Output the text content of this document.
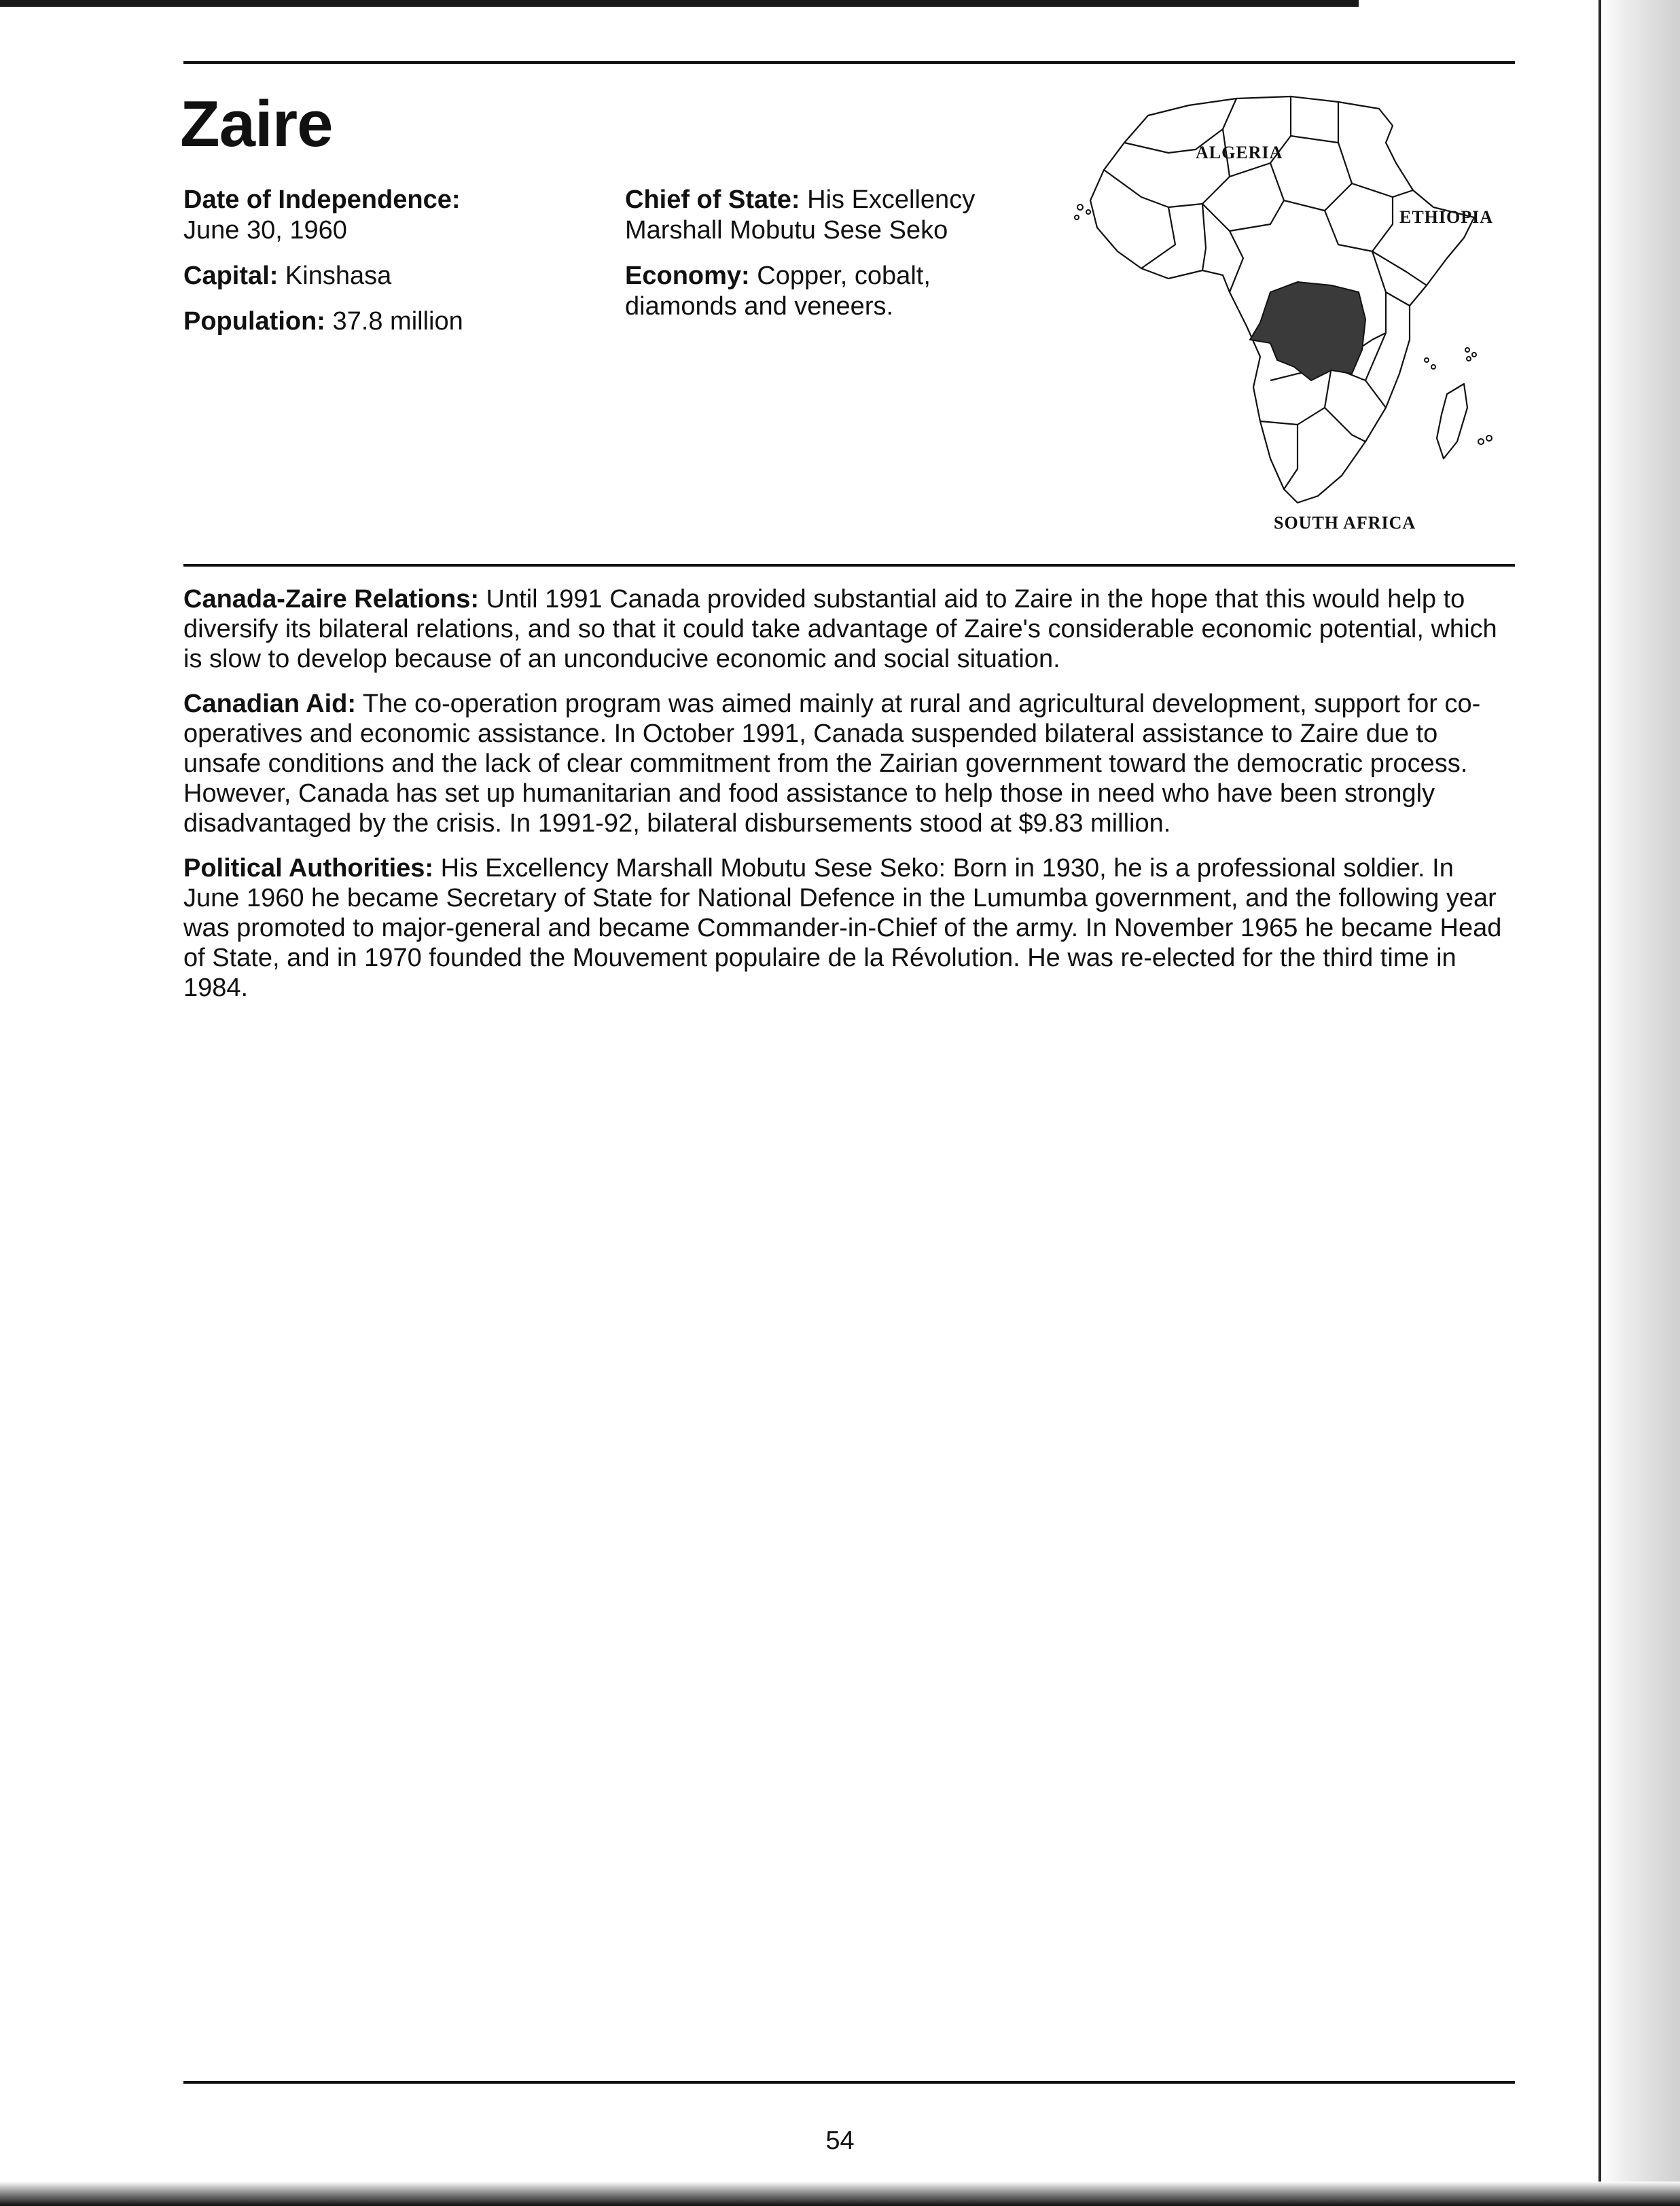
Zaire
Date of Independence:
June 30, 1960
Capital: Kinshasa
Population: 37.8 million
Chief of State: His Excellency
Marshall Mobutu Sese Seko
Economy: Copper, cobalt,
diamonds and veneers.
ALGERIA
ETHIOPIA
SOUTH AFRICA

Canada-Zaire Relations: Until 1991 Canada provided substantial aid to Zaire in the hope that this would help to diversify its bilateral relations, and so that it could take advantage of Zaire's considerable economic potential, which is slow to develop because of an unconducive economic and social situation.

Canadian Aid: The co-operation program was aimed mainly at rural and agricultural development, support for co-operatives and economic assistance. In October 1991, Canada suspended bilateral assistance to Zaire due to unsafe conditions and the lack of clear commitment from the Zairian government toward the democratic process. However, Canada has set up humanitarian and food assistance to help those in need who have been strongly disadvantaged by the crisis. In 1991-92, bilateral disbursements stood at $9.83 million.

Political Authorities: His Excellency Marshall Mobutu Sese Seko: Born in 1930, he is a professional soldier. In June 1960 he became Secretary of State for National Defence in the Lumumba government, and the following year was promoted to major-general and became Commander-in-Chief of the army. In November 1965 he became Head of State, and in 1970 founded the Mouvement populaire de la Révolution. He was re-elected for the third time in 1984.

54
